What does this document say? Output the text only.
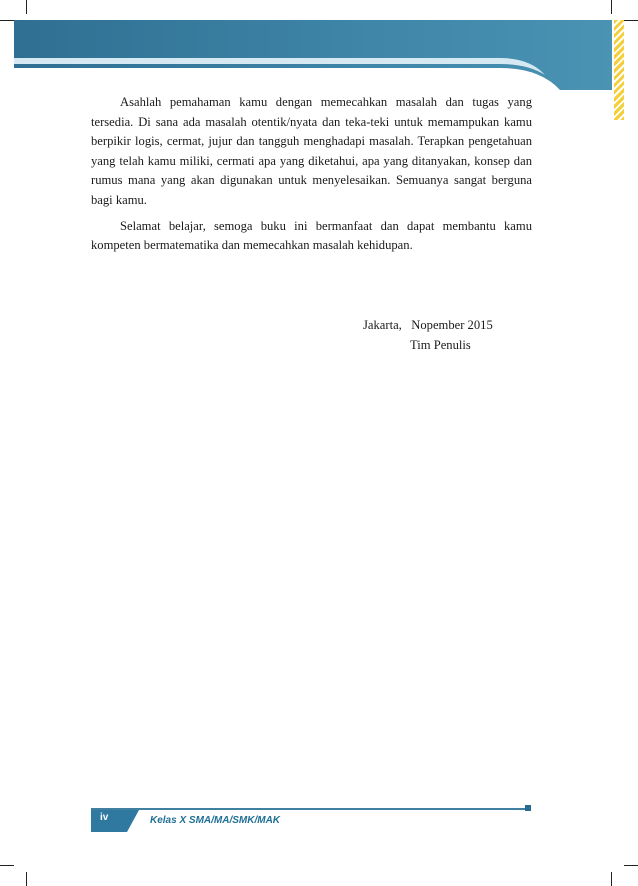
Asahlah pemahaman kamu dengan memecahkan masalah dan tugas yang tersedia. Di sana ada masalah otentik/nyata dan teka-teki untuk memampukan kamu berpikir logis, cermat, jujur dan tangguh menghadapi masalah. Terapkan pengetahuan yang telah kamu miliki, cermati apa yang diketahui, apa yang ditanyakan, konsep dan rumus mana yang akan digunakan untuk menyelesaikan. Semuanya sangat berguna bagi kamu.

Selamat belajar, semoga buku ini bermanfaat dan dapat membantu kamu kompeten bermatematika dan memecahkan masalah kehidupan.

Jakarta,   Nopember 2015
Tim Penulis
iv	Kelas X SMA/MA/SMK/MAK
